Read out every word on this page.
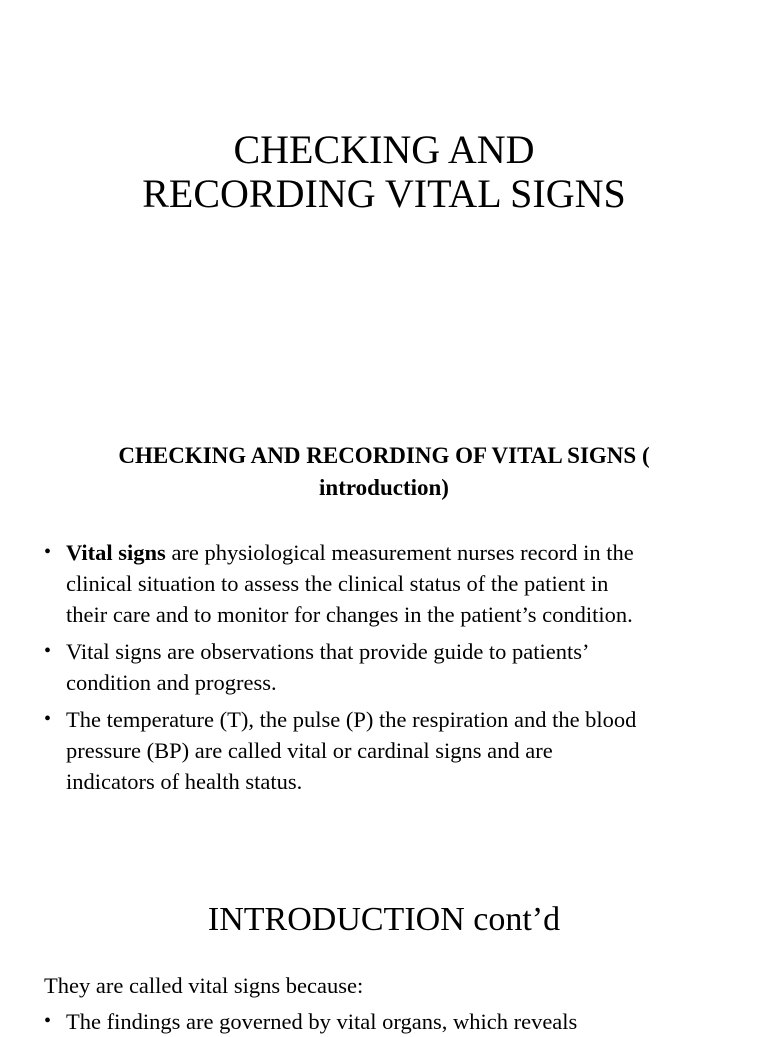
CHECKING AND
RECORDING VITAL SIGNS
CHECKING AND RECORDING OF VITAL SIGNS (
introduction)
• Vital signs are physiological measurement nurses record in the
clinical situation to assess the clinical status of the patient in
their care and to monitor for changes in the patient’s condition.
• Vital signs are observations that provide guide to patients’
condition and progress.
• The temperature (T), the pulse (P) the respiration and the blood
pressure (BP) are called vital or cardinal signs and are
indicators of health status.
INTRODUCTION cont’d
They are called vital signs because:
• The findings are governed by vital organs, which reveals
